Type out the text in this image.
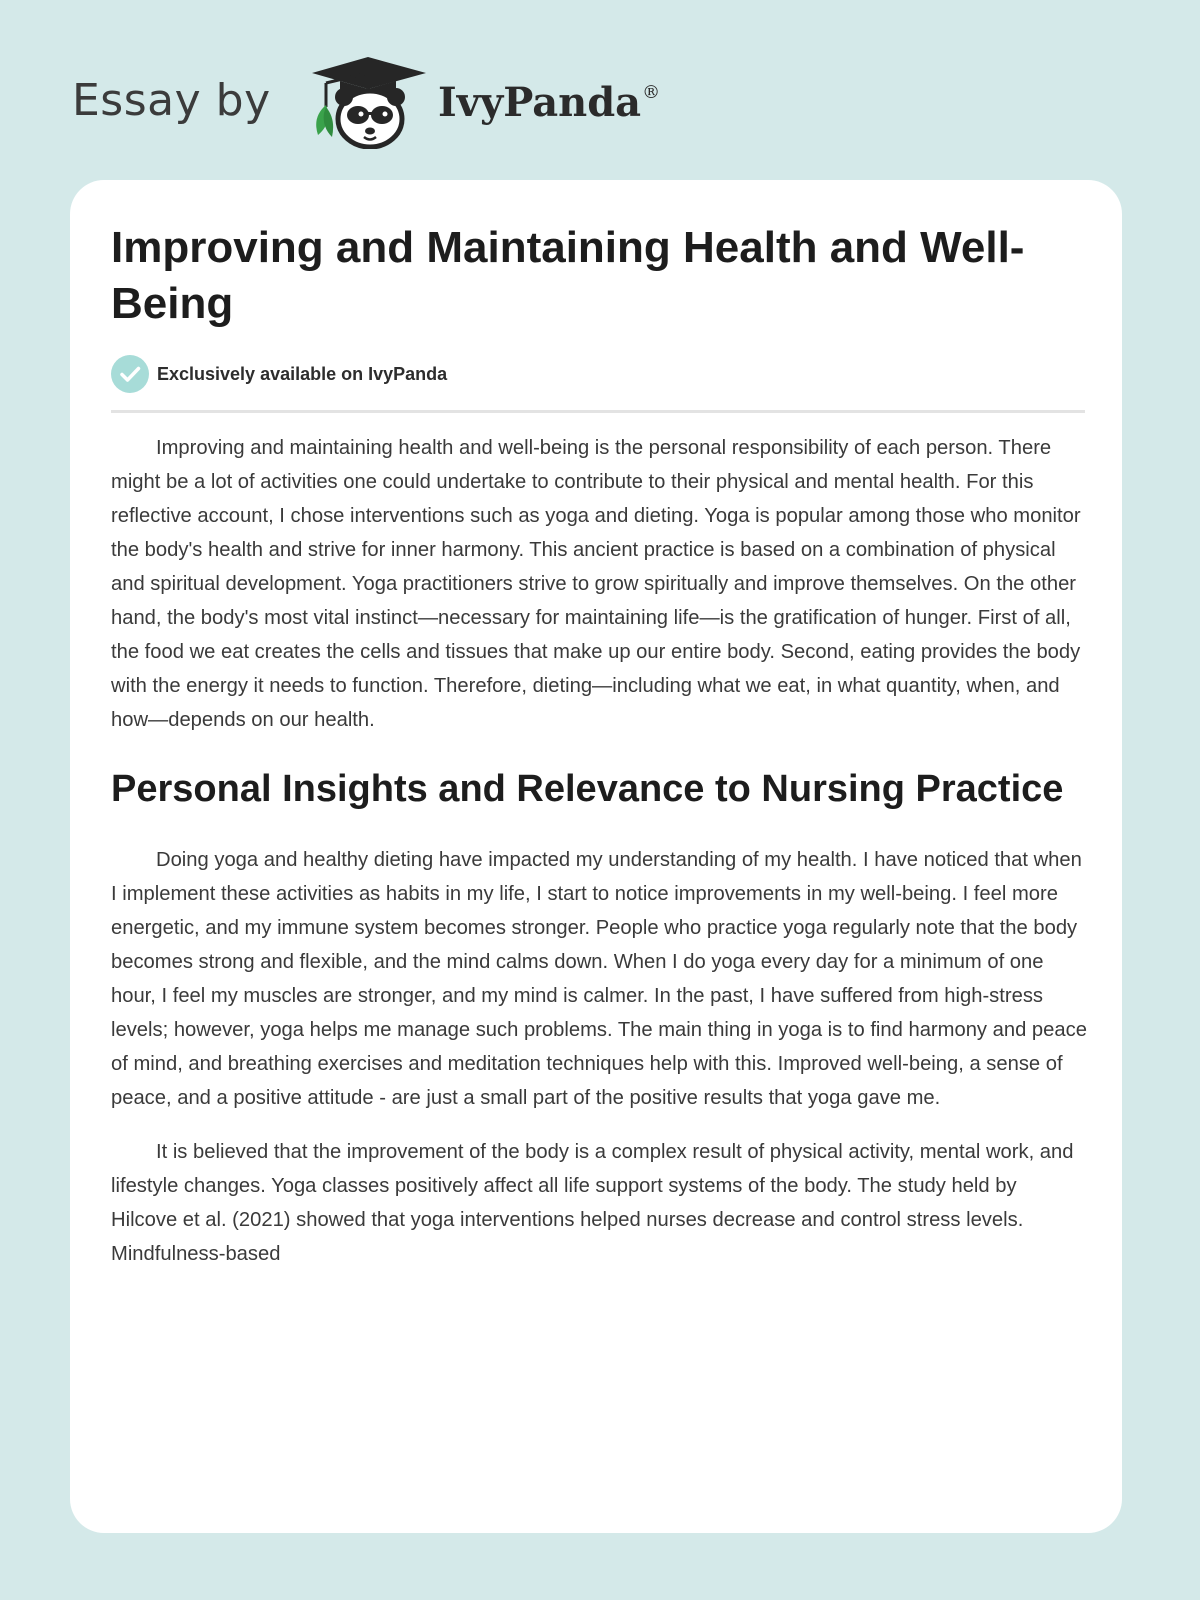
Essay by	IvyPanda®
Improving and Maintaining Health and Well-Being
Exclusively available on IvyPanda

Improving and maintaining health and well-being is the personal responsibility of each person. There might be a lot of activities one could undertake to contribute to their physical and mental health. For this reflective account, I chose interventions such as yoga and dieting. Yoga is popular among those who monitor the body's health and strive for inner harmony. This ancient practice is based on a combination of physical and spiritual development. Yoga practitioners strive to grow spiritually and improve themselves. On the other hand, the body's most vital instinct—necessary for maintaining life—is the gratification of hunger. First of all, the food we eat creates the cells and tissues that make up our entire body. Second, eating provides the body with the energy it needs to function. Therefore, dieting—including what we eat, in what quantity, when, and how—depends on our health.

Personal Insights and Relevance to Nursing Practice

Doing yoga and healthy dieting have impacted my understanding of my health. I have noticed that when I implement these activities as habits in my life, I start to notice improvements in my well-being. I feel more energetic, and my immune system becomes stronger. People who practice yoga regularly note that the body becomes strong and flexible, and the mind calms down. When I do yoga every day for a minimum of one hour, I feel my muscles are stronger, and my mind is calmer. In the past, I have suffered from high-stress levels; however, yoga helps me manage such problems. The main thing in yoga is to find harmony and peace of mind, and breathing exercises and meditation techniques help with this. Improved well-being, a sense of peace, and a positive attitude - are just a small part of the positive results that yoga gave me.

It is believed that the improvement of the body is a complex result of physical activity, mental work, and lifestyle changes. Yoga classes positively affect all life support systems of the body. The study held by Hilcove et al. (2021) showed that yoga interventions helped nurses decrease and control stress levels. Mindfulness-based
